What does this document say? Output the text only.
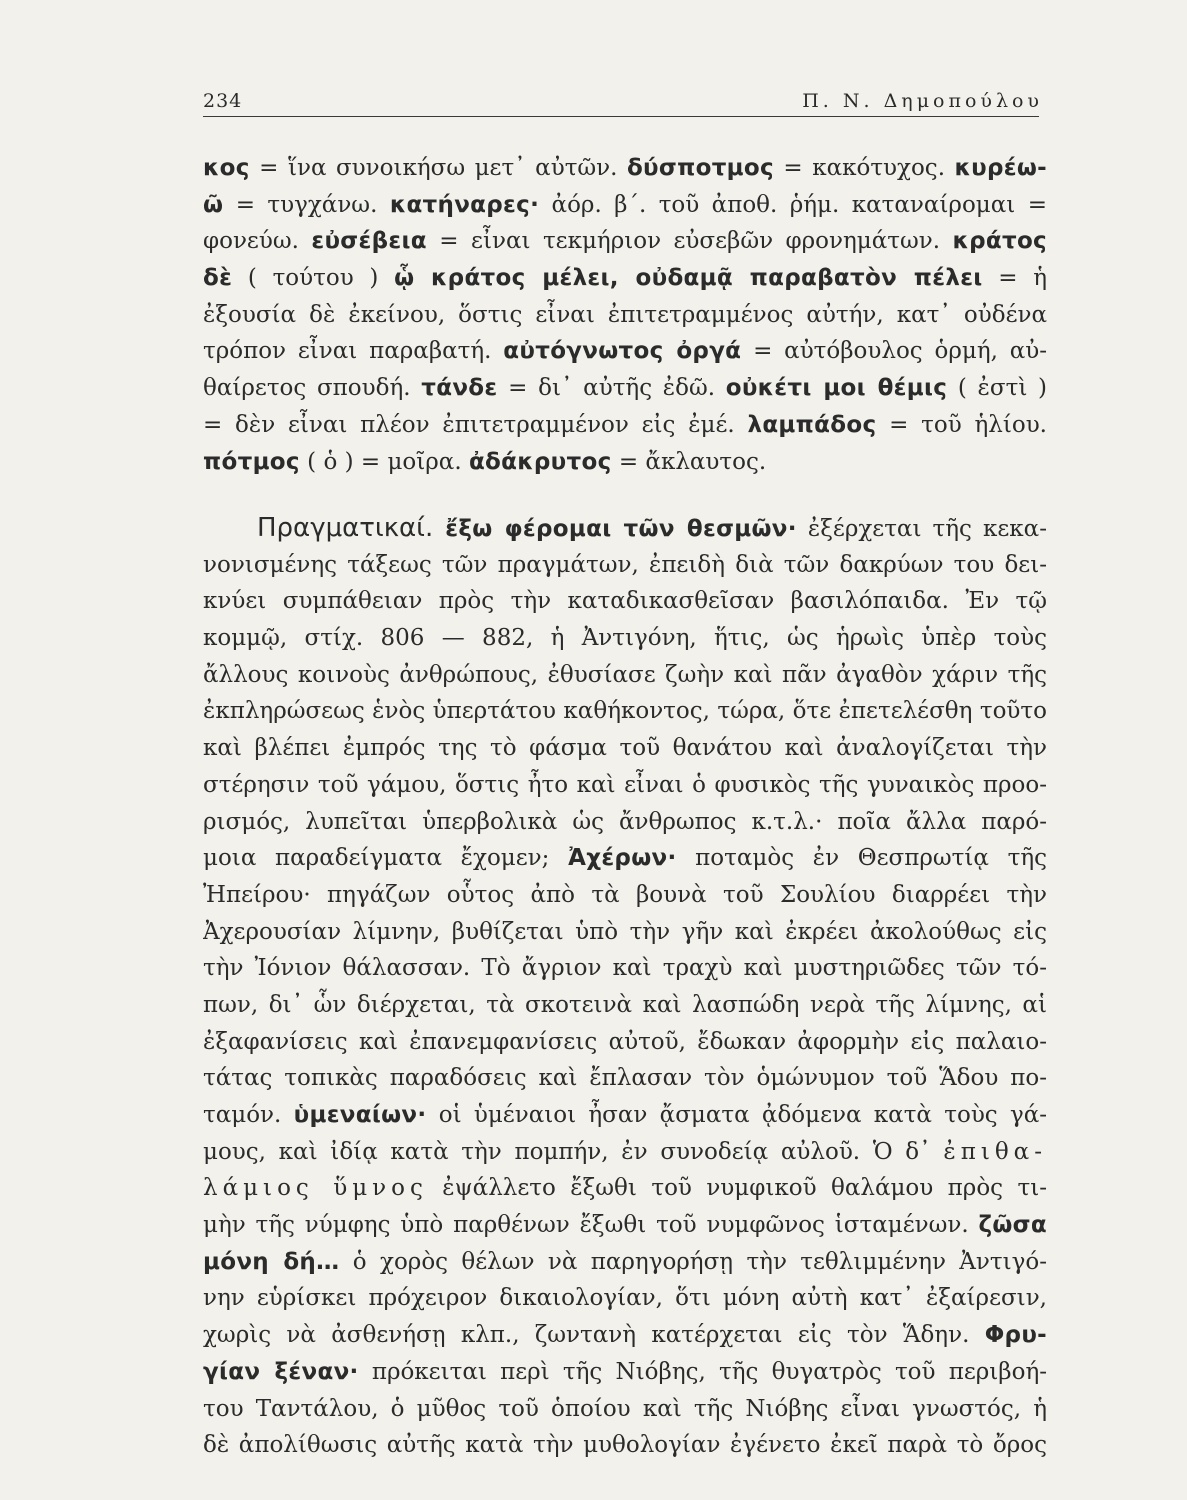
234	Π. Ν. Δημοπούλου
κος = ἵνα συνοικήσω μετ᾽ αὐτῶν. δύσποτμος = κακότυχος. κυρέω-
ῶ = τυγχάνω. κατήναρες· ἀόρ. β΄. τοῦ ἀποθ. ῥήμ. καταναίρομαι =
φονεύω. εὐσέβεια = εἶναι τεκμήριον εὐσεβῶν φρονημάτων. κράτος
δὲ ( τούτου ) ᾧ κράτος μέλει, οὐδαμᾷ παραβατὸν πέλει = ἡ
ἐξουσία δὲ ἐκείνου, ὅστις εἶναι ἐπιτετραμμένος αὐτήν, κατ᾽ οὐδένα
τρόπον εἶναι παραβατή. αὐτόγνωτος ὀργά = αὐτόβουλος ὁρμή, αὐ-
θαίρετος σπουδή. τάνδε = δι᾽ αὐτῆς ἐδῶ. οὐκέτι μοι θέμις ( ἐστὶ )
= δὲν εἶναι πλέον ἐπιτετραμμένον εἰς ἐμέ. λαμπάδος = τοῦ ἡλίου.
πότμος ( ὁ ) = μοῖρα. ἀδάκρυτος = ἄκλαυτος.
Πραγματικαί. ἔξω φέρομαι τῶν θεσμῶν· ἐξέρχεται τῆς κεκα-
νονισμένης τάξεως τῶν πραγμάτων, ἐπειδὴ διὰ τῶν δακρύων του δει-
κνύει συμπάθειαν πρὸς τὴν καταδικασθεῖσαν βασιλόπαιδα. Ἐν τῷ
κομμῷ, στίχ. 806 — 882, ἡ Ἀντιγόνη, ἥτις, ὡς ἡρωὶς ὑπὲρ τοὺς
ἄλλους κοινοὺς ἀνθρώπους, ἐθυσίασε ζωὴν καὶ πᾶν ἀγαθὸν χάριν τῆς
ἐκπληρώσεως ἑνὸς ὑπερτάτου καθήκοντος, τώρα, ὅτε ἐπετελέσθη τοῦτο
καὶ βλέπει ἐμπρός της τὸ φάσμα τοῦ θανάτου καὶ ἀναλογίζεται τὴν
στέρησιν τοῦ γάμου, ὅστις ἦτο καὶ εἶναι ὁ φυσικὸς τῆς γυναικὸς προο-
ρισμός, λυπεῖται ὑπερβολικὰ ὡς ἄνθρωπος κ.τ.λ.· ποῖα ἄλλα παρό-
μοια παραδείγματα ἔχομεν; Ἀχέρων· ποταμὸς ἐν Θεσπρωτίᾳ τῆς
Ἠπείρου· πηγάζων οὗτος ἀπὸ τὰ βουνὰ τοῦ Σουλίου διαρρέει τὴν
Ἀχερουσίαν λίμνην, βυθίζεται ὑπὸ τὴν γῆν καὶ ἐκρέει ἀκολούθως εἰς
τὴν Ἰόνιον θάλασσαν. Τὸ ἄγριον καὶ τραχὺ καὶ μυστηριῶδες τῶν τό-
πων, δι᾽ ὧν διέρχεται, τὰ σκοτεινὰ καὶ λασπώδη νερὰ τῆς λίμνης, αἱ
ἐξαφανίσεις καὶ ἐπανεμφανίσεις αὐτοῦ, ἔδωκαν ἀφορμὴν εἰς παλαιο-
τάτας τοπικὰς παραδόσεις καὶ ἔπλασαν τὸν ὁμώνυμον τοῦ Ἅδου πο-
ταμόν. ὑμεναίων· οἱ ὑμέναιοι ἦσαν ᾄσματα ᾀδόμενα κατὰ τοὺς γά-
μους, καὶ ἰδίᾳ κατὰ τὴν πομπήν, ἐν συνοδείᾳ αὐλοῦ. Ὁ δ᾽ ἐπιθα-
λάμιος ὕμνος ἐψάλλετο ἔξωθι τοῦ νυμφικοῦ θαλάμου πρὸς τι-
μὴν τῆς νύμφης ὑπὸ παρθένων ἔξωθι τοῦ νυμφῶνος ἱσταμένων. ζῶσα
μόνη δή… ὁ χορὸς θέλων νὰ παρηγορήσῃ τὴν τεθλιμμένην Ἀντιγό-
νην εὑρίσκει πρόχειρον δικαιολογίαν, ὅτι μόνη αὐτὴ κατ᾽ ἐξαίρεσιν,
χωρὶς νὰ ἀσθενήσῃ κλπ., ζωντανὴ κατέρχεται εἰς τὸν Ἅδην. Φρυ-
γίαν ξέναν· πρόκειται περὶ τῆς Νιόβης, τῆς θυγατρὸς τοῦ περιβοή-
του Ταντάλου, ὁ μῦθος τοῦ ὁποίου καὶ τῆς Νιόβης εἶναι γνωστός, ἡ
δὲ ἀπολίθωσις αὐτῆς κατὰ τὴν μυθολογίαν ἐγένετο ἐκεῖ παρὰ τὸ ὄρος
